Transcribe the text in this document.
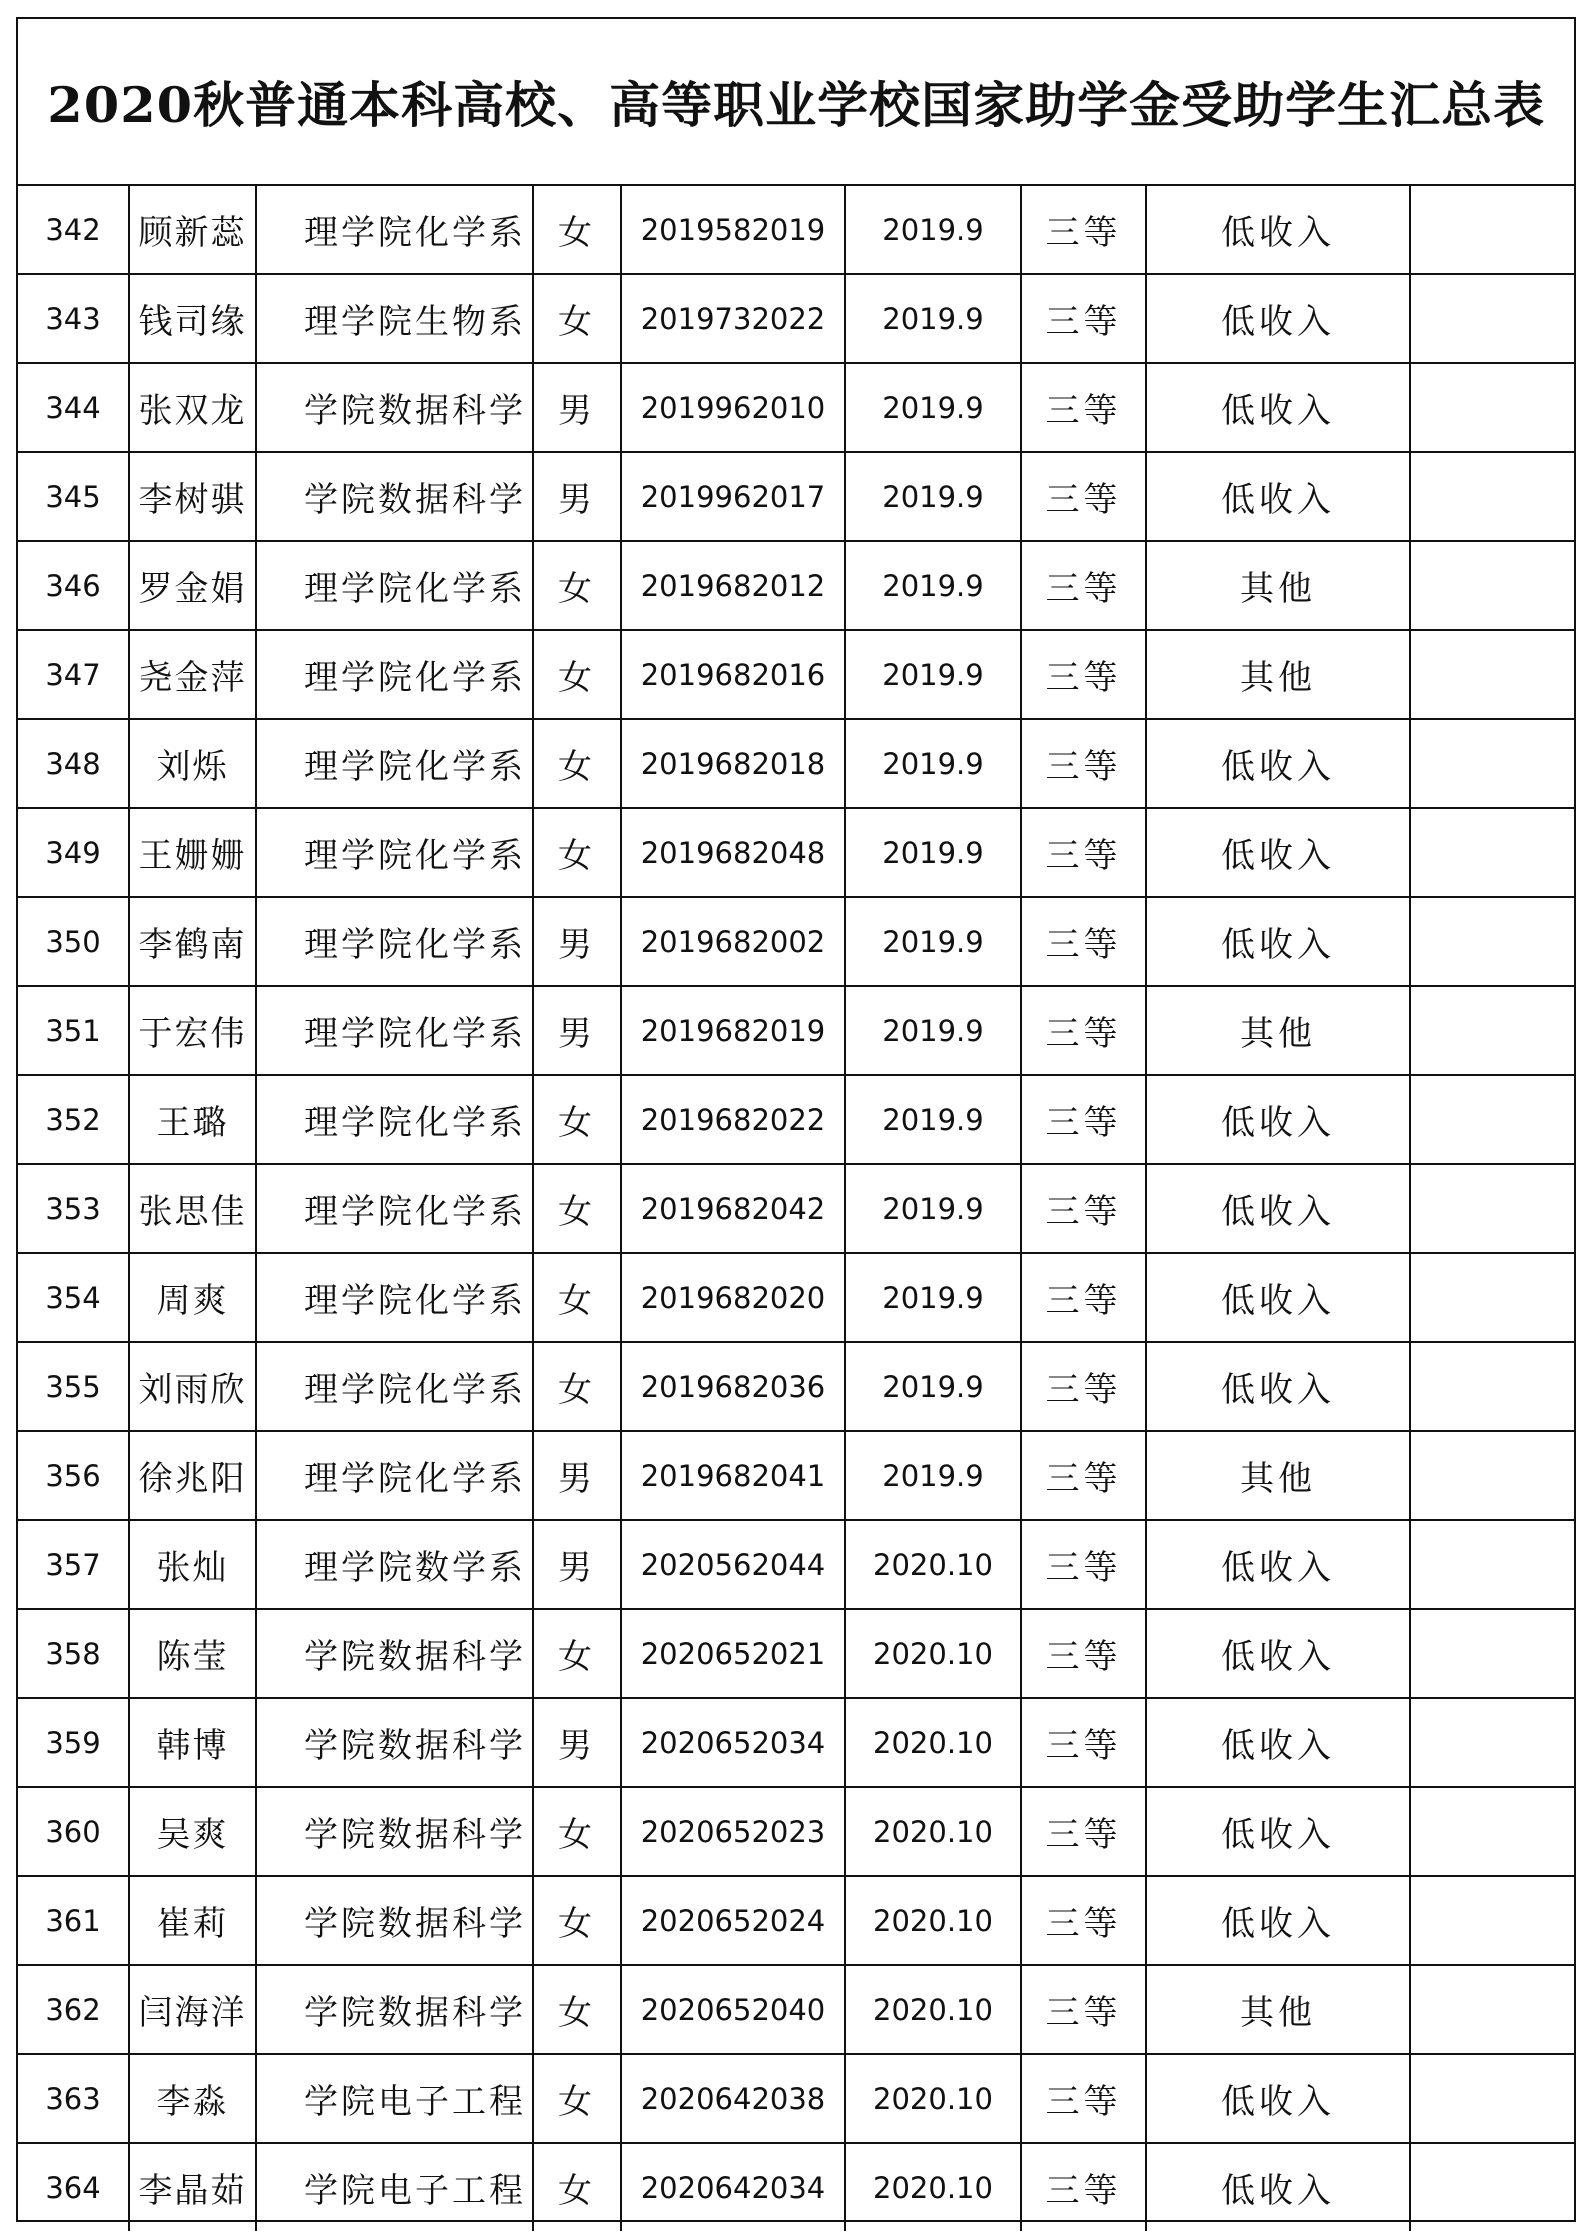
2020秋普通本科高校、高等职业学校国家助学金受助学生汇总表
342	顾新蕊	理学院化学系	女	2019582019	2019.9	三等	低收入	
343	钱司缘	理学院生物系	女	2019732022	2019.9	三等	低收入	
344	张双龙	学院数据科学	男	2019962010	2019.9	三等	低收入	
345	李树骐	学院数据科学	男	2019962017	2019.9	三等	低收入	
346	罗金娟	理学院化学系	女	2019682012	2019.9	三等	其他	
347	尧金萍	理学院化学系	女	2019682016	2019.9	三等	其他	
348	刘烁	理学院化学系	女	2019682018	2019.9	三等	低收入	
349	王姗姗	理学院化学系	女	2019682048	2019.9	三等	低收入	
350	李鹤南	理学院化学系	男	2019682002	2019.9	三等	低收入	
351	于宏伟	理学院化学系	男	2019682019	2019.9	三等	其他	
352	王璐	理学院化学系	女	2019682022	2019.9	三等	低收入	
353	张思佳	理学院化学系	女	2019682042	2019.9	三等	低收入	
354	周爽	理学院化学系	女	2019682020	2019.9	三等	低收入	
355	刘雨欣	理学院化学系	女	2019682036	2019.9	三等	低收入	
356	徐兆阳	理学院化学系	男	2019682041	2019.9	三等	其他	
357	张灿	理学院数学系	男	2020562044	2020.10	三等	低收入	
358	陈莹	学院数据科学	女	2020652021	2020.10	三等	低收入	
359	韩博	学院数据科学	男	2020652034	2020.10	三等	低收入	
360	吴爽	学院数据科学	女	2020652023	2020.10	三等	低收入	
361	崔莉	学院数据科学	女	2020652024	2020.10	三等	低收入	
362	闫海洋	学院数据科学	女	2020652040	2020.10	三等	其他	
363	李淼	学院电子工程	女	2020642038	2020.10	三等	低收入	
364	李晶茹	学院电子工程	女	2020642034	2020.10	三等	低收入	
